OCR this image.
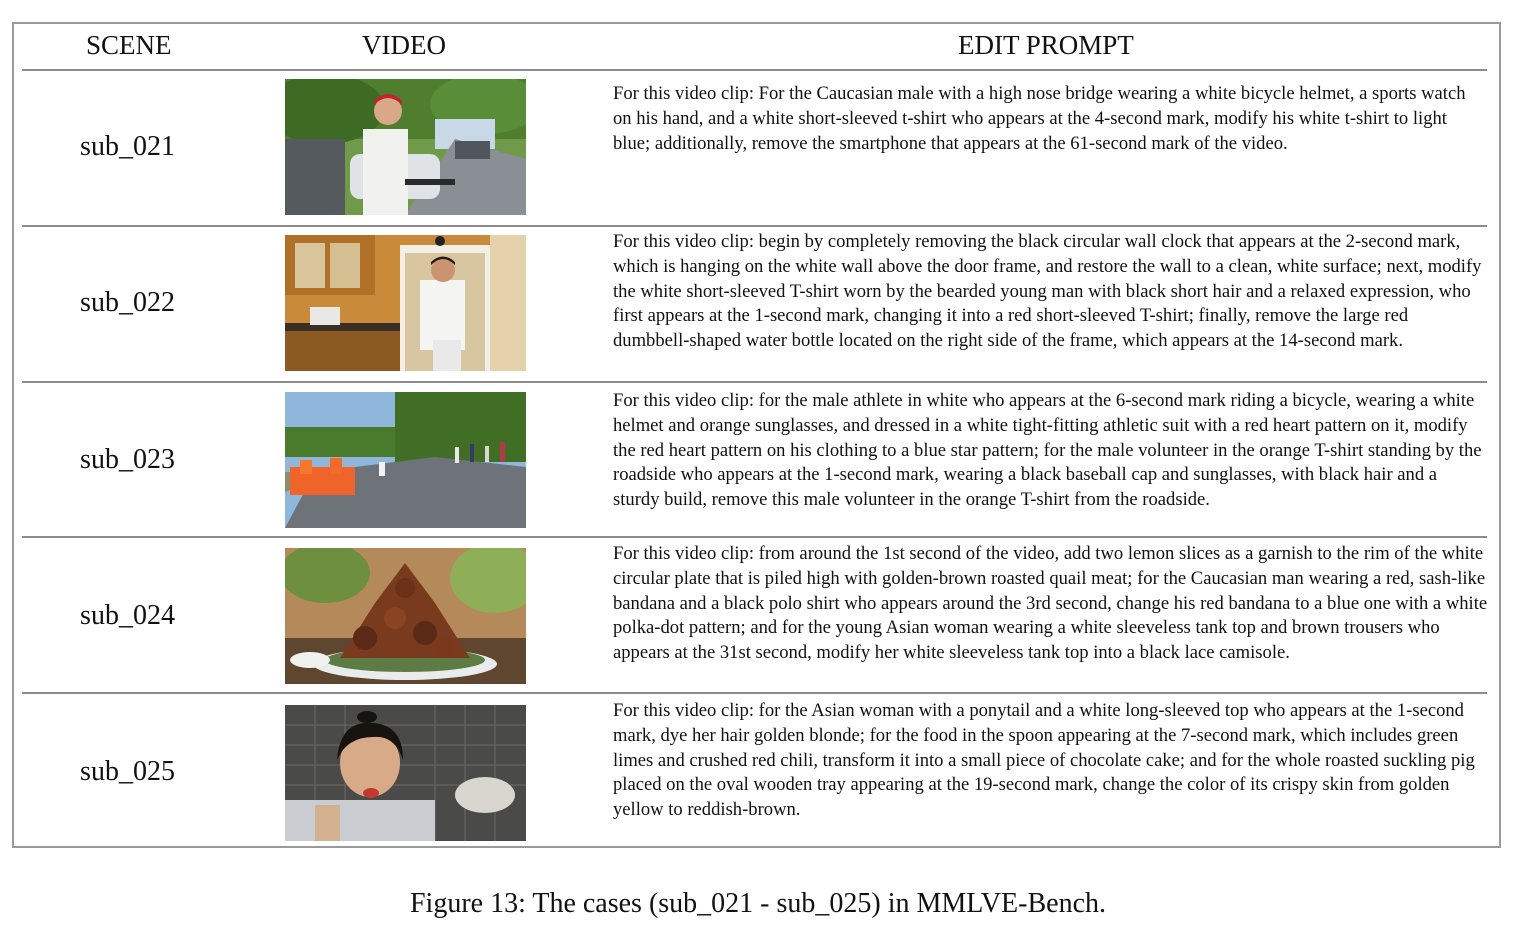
SCENE	VIDEO	EDIT PROMPT
sub_021
For this video clip: For the Caucasian male with a high nose bridge wearing a white bicycle helmet, a sports watch on his hand, and a white short-sleeved t-shirt who appears at the 4-second mark, modify his white t-shirt to light blue; additionally, remove the smartphone that appears at the 61-second mark of the video.
sub_022
For this video clip: begin by completely removing the black circular wall clock that appears at the 2-second mark, which is hanging on the white wall above the door frame, and restore the wall to a clean, white surface; next, modify the white short-sleeved T-shirt worn by the bearded young man with black short hair and a relaxed expression, who first appears at the 1-second mark, changing it into a red short-sleeved T-shirt; finally, remove the large red dumbbell-shaped water bottle located on the right side of the frame, which appears at the 14-second mark.
sub_023
For this video clip: for the male athlete in white who appears at the 6-second mark riding a bicycle, wearing a white helmet and orange sunglasses, and dressed in a white tight-fitting athletic suit with a red heart pattern on it, modify the red heart pattern on his clothing to a blue star pattern; for the male volunteer in the orange T-shirt standing by the roadside who appears at the 1-second mark, wearing a black baseball cap and sunglasses, with black hair and a sturdy build, remove this male volunteer in the orange T-shirt from the roadside.
sub_024
For this video clip: from around the 1st second of the video, add two lemon slices as a garnish to the rim of the white circular plate that is piled high with golden-brown roasted quail meat; for the Caucasian man wearing a red, sash-like bandana and a black polo shirt who appears around the 3rd second, change his red bandana to a blue one with a white polka-dot pattern; and for the young Asian woman wearing a white sleeveless tank top and brown trousers who appears at the 31st second, modify her white sleeveless tank top into a black lace camisole.
sub_025
For this video clip: for the Asian woman with a ponytail and a white long-sleeved top who appears at the 1-second mark, dye her hair golden blonde; for the food in the spoon appearing at the 7-second mark, which includes green limes and crushed red chili, transform it into a small piece of chocolate cake; and for the whole roasted suckling pig placed on the oval wooden tray appearing at the 19-second mark, change the color of its crispy skin from golden yellow to reddish-brown.
Figure 13: The cases (sub_021 - sub_025) in MMLVE-Bench.
